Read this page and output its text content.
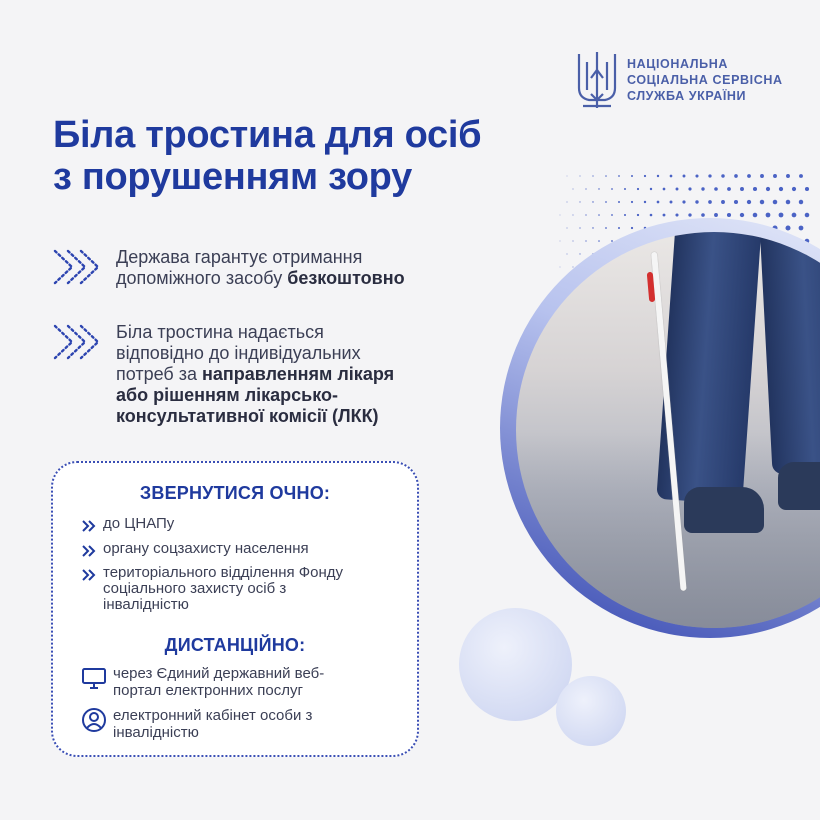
НАЦІОНАЛЬНА
СОЦІАЛЬНА СЕРВІСНА
СЛУЖБА УКРАЇНИ
Біла тростина для осіб
з порушенням зору
Держава гарантує отримання
допоміжного засобу безкоштовно
Біла тростина надається
відповідно до індивідуальних
потреб за направленням лікаря
або рішенням лікарсько-
консультативної комісії (ЛКК)
ЗВЕРНУТИСЯ ОЧНО:
до ЦНАПу
органу соцзахисту населення
територіального відділення Фонду
соціального захисту осіб з
інвалідністю
ДИСТАНЦІЙНО:
через Єдиний державний веб-
портал електронних послуг
електронний кабінет особи з
інвалідністю
